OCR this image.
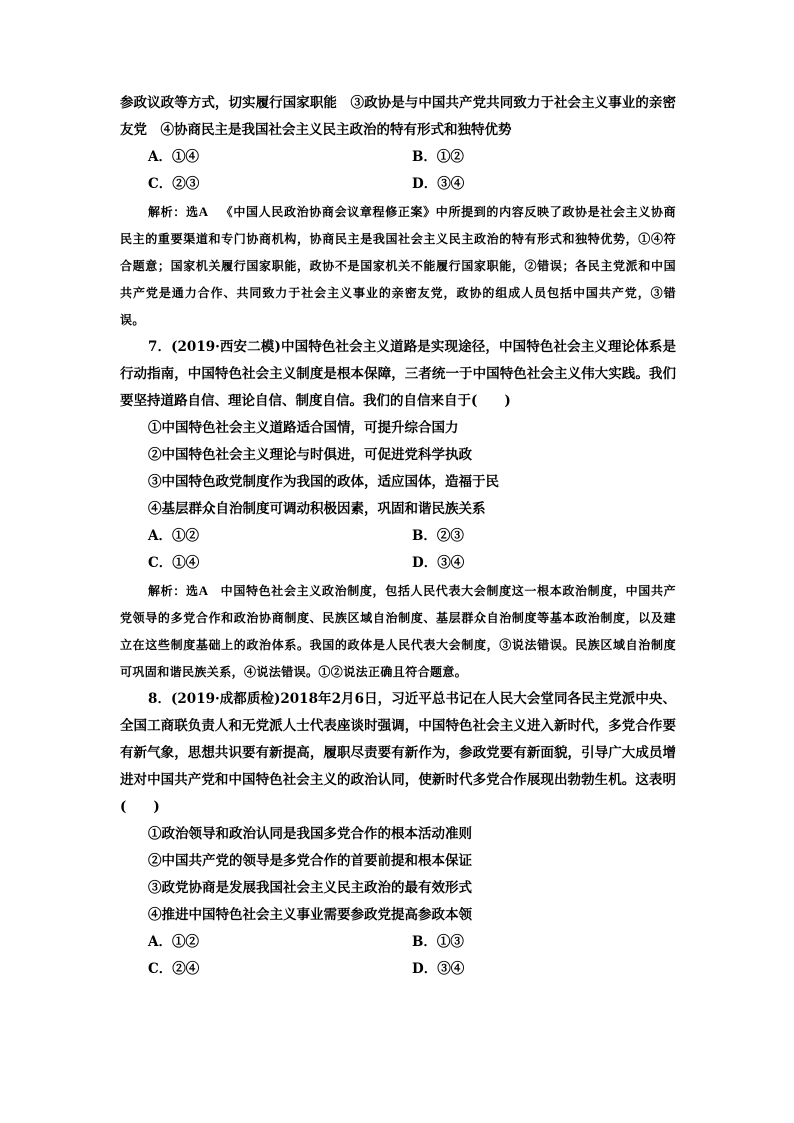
参政议政等方式，切实履行国家职能　③政协是与中国共产党共同致力于社会主义事业的亲密友党　④协商民主是我国社会主义民主政治的特有形式和独特优势

A．①④	B．①②
C．②③	D．③④

解析：选A 《中国人民政治协商会议章程修正案》中所提到的内容反映了政协是社会主义协商民主的重要渠道和专门协商机构，协商民主是我国社会主义民主政治的特有形式和独特优势，①④符合题意；国家机关履行国家职能，政协不是国家机关不能履行国家职能，②错误；各民主党派和中国共产党是通力合作、共同致力于社会主义事业的亲密友党，政协的组成人员包括中国共产党，③错误。

7．(2019·西安二模)中国特色社会主义道路是实现途径，中国特色社会主义理论体系是行动指南，中国特色社会主义制度是根本保障，三者统一于中国特色社会主义伟大实践。我们要坚持道路自信、理论自信、制度自信。我们的自信来自于(　　)

①中国特色社会主义道路适合国情，可提升综合国力

②中国特色社会主义理论与时俱进，可促进党科学执政

③中国特色政党制度作为我国的政体，适应国体，造福于民

④基层群众自治制度可调动积极因素，巩固和谐民族关系

A．①②	B．②③
C．①④	D．③④

解析：选A 中国特色社会主义政治制度，包括人民代表大会制度这一根本政治制度，中国共产党领导的多党合作和政治协商制度、民族区域自治制度、基层群众自治制度等基本政治制度，以及建立在这些制度基础上的政治体系。我国的政体是人民代表大会制度，③说法错误。民族区域自治制度可巩固和谐民族关系，④说法错误。①②说法正确且符合题意。

8．(2019·成都质检)2018年2月6日，习近平总书记在人民大会堂同各民主党派中央、全国工商联负责人和无党派人士代表座谈时强调，中国特色社会主义进入新时代，多党合作要有新气象，思想共识要有新提高，履职尽责要有新作为，参政党要有新面貌，引导广大成员增进对中国共产党和中国特色社会主义的政治认同，使新时代多党合作展现出勃勃生机。这表明(　　)

①政治领导和政治认同是我国多党合作的根本活动准则

②中国共产党的领导是多党合作的首要前提和根本保证

③政党协商是发展我国社会主义民主政治的最有效形式

④推进中国特色社会主义事业需要参政党提高参政本领

A．①②	B．①③
C．②④	D．③④
